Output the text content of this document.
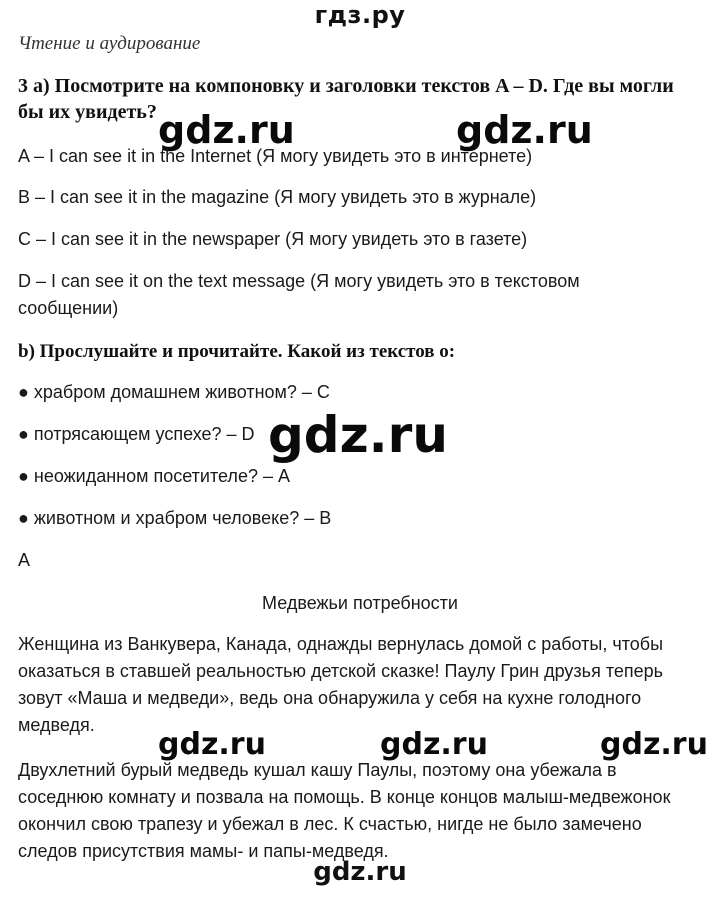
гдз.ру
Чтение и аудирование
3 а) Посмотрите на компоновку и заголовки текстов A – D. Где вы могли
бы их увидеть? gdz.ru	gdz.ru
A – I can see it in the Internet (Я могу увидеть это в интернете)
B – I can see it in the magazine (Я могу увидеть это в журнале)
C – I can see it in the newspaper (Я могу увидеть это в газете)
D – I can see it on the text message (Я могу увидеть это в текстовом
сообщении)
b) Прослушайте и прочитайте. Какой из текстов о:
● храбром домашнем животном? – C
● потрясающем успехе? – D gdz.ru
● неожиданном посетителе? – A
● животном и храбром человеке? – B
A
Медвежьи потребности
Женщина из Ванкувера, Канада, однажды вернулась домой с работы, чтобы
оказаться в ставшей реальностью детской сказке! Паулу Грин друзья теперь
зовут «Маша и медведи», ведь она обнаружила у себя на кухне голодного
медведя.
gdz.ru	gdz.ru	gdz.ru
Двухлетний бурый медведь кушал кашу Паулы, поэтому она убежала в
соседнюю комнату и позвала на помощь. В конце концов малыш-медвежонок
окончил свою трапезу и убежал в лес. К счастью, нигде не было замечено
следов присутствия мамы- и папы-медведя.
gdz.ru
